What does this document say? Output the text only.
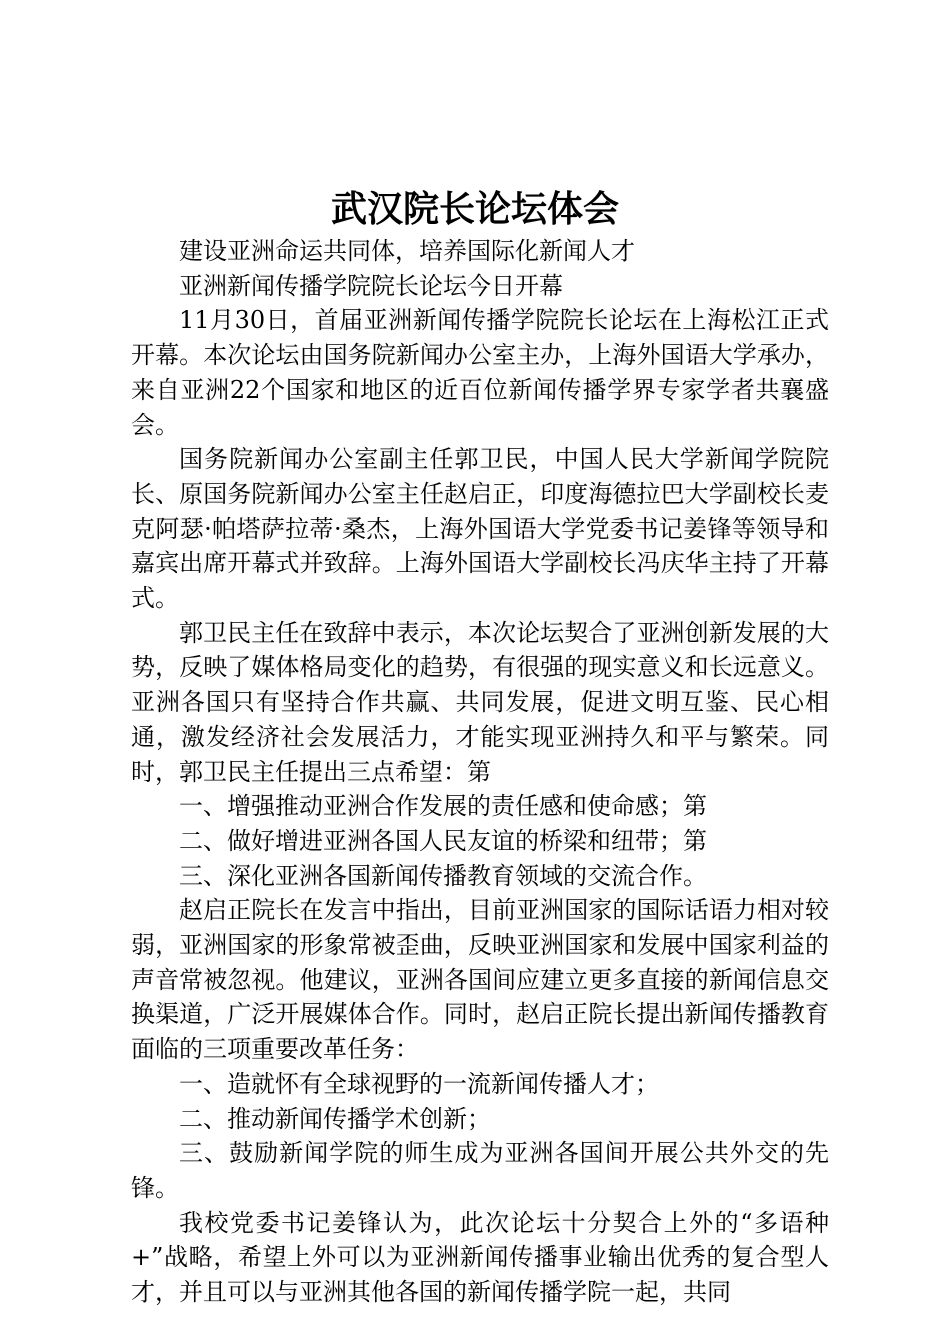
武汉院长论坛体会

建设亚洲命运共同体，培养国际化新闻人才

亚洲新闻传播学院院长论坛今日开幕

11月30日，首届亚洲新闻传播学院院长论坛在上海松江正式开幕。本次论坛由国务院新闻办公室主办，上海外国语大学承办，来自亚洲22个国家和地区的近百位新闻传播学界专家学者共襄盛会。

国务院新闻办公室副主任郭卫民，中国人民大学新闻学院院长、原国务院新闻办公室主任赵启正，印度海德拉巴大学副校长麦克阿瑟·帕塔萨拉蒂·桑杰，上海外国语大学党委书记姜锋等领导和嘉宾出席开幕式并致辞。上海外国语大学副校长冯庆华主持了开幕式。

郭卫民主任在致辞中表示，本次论坛契合了亚洲创新发展的大势，反映了媒体格局变化的趋势，有很强的现实意义和长远意义。亚洲各国只有坚持合作共赢、共同发展，促进文明互鉴、民心相通，激发经济社会发展活力，才能实现亚洲持久和平与繁荣。同时，郭卫民主任提出三点希望：第

一、增强推动亚洲合作发展的责任感和使命感；第

二、做好增进亚洲各国人民友谊的桥梁和纽带；第

三、深化亚洲各国新闻传播教育领域的交流合作。

赵启正院长在发言中指出，目前亚洲国家的国际话语力相对较弱，亚洲国家的形象常被歪曲，反映亚洲国家和发展中国家利益的声音常被忽视。他建议，亚洲各国间应建立更多直接的新闻信息交换渠道，广泛开展媒体合作。同时，赵启正院长提出新闻传播教育面临的三项重要改革任务：

一、造就怀有全球视野的一流新闻传播人才；

二、推动新闻传播学术创新；

三、鼓励新闻学院的师生成为亚洲各国间开展公共外交的先锋。

我校党委书记姜锋认为，此次论坛十分契合上外的“多语种+”战略，希望上外可以为亚洲新闻传播事业输出优秀的复合型人才，并且可以与亚洲其他各国的新闻传播学院一起，共同
